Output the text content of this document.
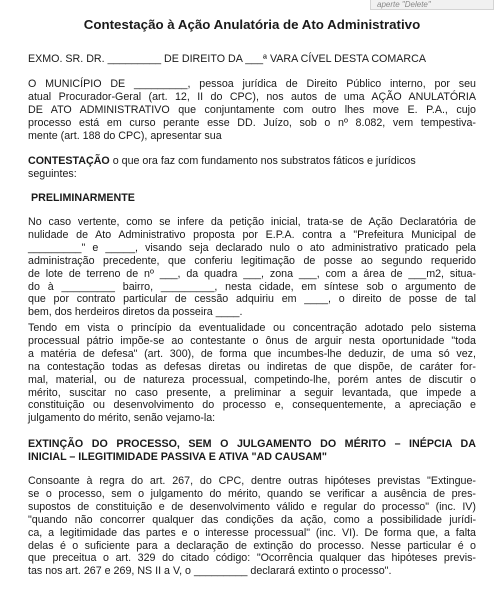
aperte "Delete"
Contestação à Ação Anulatória de Ato Administrativo
EXMO. SR. DR. _________ DE DIREITO DA ___ª VARA CÍVEL DESTA COMARCA
O MUNICÍPIO DE _________, pessoa jurídica de Direito Público interno, por seu
atual Procurador-Geral (art. 12, II do CPC), nos autos de uma AÇÃO ANULATÓRIA
DE ATO ADMINISTRATIVO que conjuntamente com outro lhes move E. P.A., cujo
processo está em curso perante esse DD. Juízo, sob o nº 8.082, vem tempestiva-
mente (art. 188 do CPC), apresentar sua
CONTESTAÇÃO o que ora faz com fundamento nos substratos fáticos e jurídicos
seguintes:
PRELIMINARMENTE
No caso vertente, como se infere da petição inicial, trata-se de Ação Declaratória de
nulidade de Ato Administrativo proposta por E.P.A. contra a "Prefeitura Municipal de
_________" e _____, visando seja declarado nulo o ato administrativo praticado pela
administração precedente, que conferiu legitimação de posse ao segundo requerido
de lote de terreno de nº ___, da quadra ___, zona ___, com a área de ___m2, situa-
do à _________ bairro, _________, nesta cidade, em síntese sob o argumento de
que por contrato particular de cessão adquiriu em ____, o direito de posse de tal
bem, dos herdeiros diretos da posseira ____.
Tendo em vista o princípio da eventualidade ou concentração adotado pelo sistema
processual pátrio impõe-se ao contestante o ônus de arguir nesta oportunidade "toda
a matéria de defesa" (art. 300), de forma que incumbes-lhe deduzir, de uma só vez,
na contestação todas as defesas diretas ou indiretas de que dispõe, de caráter for-
mal, material, ou de natureza processual, competindo-lhe, porém antes de discutir o
mérito, suscitar no caso presente, a preliminar a seguir levantada, que impede a
constituição ou desenvolvimento do processo e, consequentemente, a apreciação e
julgamento do mérito, senão vejamo-la:
EXTINÇÃO DO PROCESSO, SEM O JULGAMENTO DO MÉRITO – INÉPCIA DA
INICIAL – ILEGITIMIDADE PASSIVA E ATIVA "AD CAUSAM"
Consoante à regra do art. 267, do CPC, dentre outras hipóteses previstas "Extingue-
se o processo, sem o julgamento do mérito, quando se verificar a ausência de pres-
supostos de constituição e de desenvolvimento válido e regular do processo" (inc. IV)
"quando não concorrer qualquer das condições da ação, como a possibilidade jurídi-
ca, a legitimidade das partes e o interesse processual" (inc. VI). De forma que, a falta
delas é o suficiente para a declaração de extinção do processo. Nesse particular é o
que preceitua o art. 329 do citado código: "Ocorrência qualquer das hipóteses previs-
tas nos art. 267 e 269, NS II a V, o _________ declarará extinto o processo".
